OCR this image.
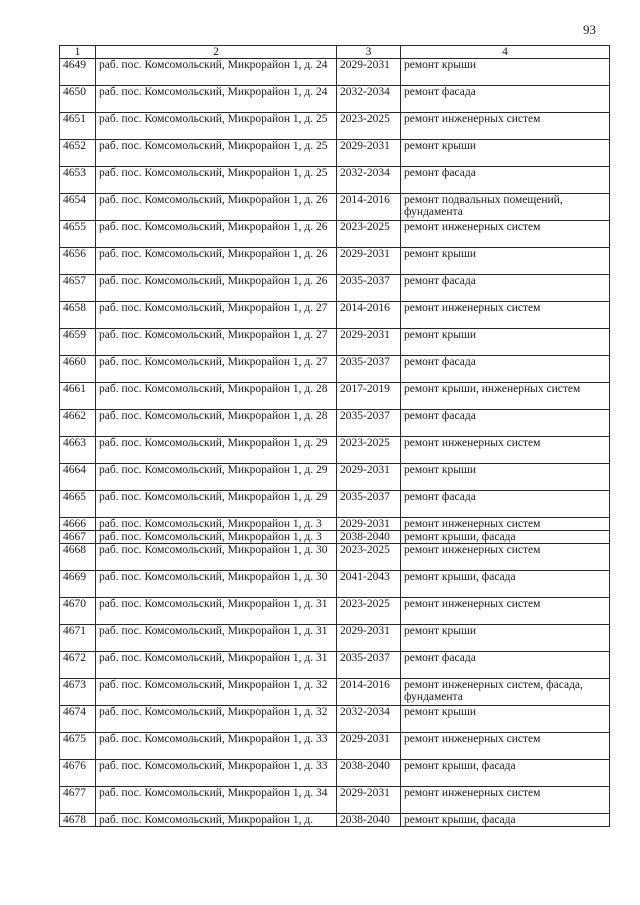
93
1	2	3	4
4649	раб. пос. Комсомольский, Микрорайон 1, д. 24	2029-2031	ремонт крыши
4650	раб. пос. Комсомольский, Микрорайон 1, д. 24	2032-2034	ремонт фасада
4651	раб. пос. Комсомольский, Микрорайон 1, д. 25	2023-2025	ремонт инженерных систем
4652	раб. пос. Комсомольский, Микрорайон 1, д. 25	2029-2031	ремонт крыши
4653	раб. пос. Комсомольский, Микрорайон 1, д. 25	2032-2034	ремонт фасада
4654	раб. пос. Комсомольский, Микрорайон 1, д. 26	2014-2016	ремонт подвальных помещений, фундамента
4655	раб. пос. Комсомольский, Микрорайон 1, д. 26	2023-2025	ремонт инженерных систем
4656	раб. пос. Комсомольский, Микрорайон 1, д. 26	2029-2031	ремонт крыши
4657	раб. пос. Комсомольский, Микрорайон 1, д. 26	2035-2037	ремонт фасада
4658	раб. пос. Комсомольский, Микрорайон 1, д. 27	2014-2016	ремонт инженерных систем
4659	раб. пос. Комсомольский, Микрорайон 1, д. 27	2029-2031	ремонт крыши
4660	раб. пос. Комсомольский, Микрорайон 1, д. 27	2035-2037	ремонт фасада
4661	раб. пос. Комсомольский, Микрорайон 1, д. 28	2017-2019	ремонт крыши, инженерных систем
4662	раб. пос. Комсомольский, Микрорайон 1, д. 28	2035-2037	ремонт фасада
4663	раб. пос. Комсомольский, Микрорайон 1, д. 29	2023-2025	ремонт инженерных систем
4664	раб. пос. Комсомольский, Микрорайон 1, д. 29	2029-2031	ремонт крыши
4665	раб. пос. Комсомольский, Микрорайон 1, д. 29	2035-2037	ремонт фасада
4666	раб. пос. Комсомольский, Микрорайон 1, д. 3	2029-2031	ремонт инженерных систем
4667	раб. пос. Комсомольский, Микрорайон 1, д. 3	2038-2040	ремонт крыши, фасада
4668	раб. пос. Комсомольский, Микрорайон 1, д. 30	2023-2025	ремонт инженерных систем
4669	раб. пос. Комсомольский, Микрорайон 1, д. 30	2041-2043	ремонт крыши, фасада
4670	раб. пос. Комсомольский, Микрорайон 1, д. 31	2023-2025	ремонт инженерных систем
4671	раб. пос. Комсомольский, Микрорайон 1, д. 31	2029-2031	ремонт крыши
4672	раб. пос. Комсомольский, Микрорайон 1, д. 31	2035-2037	ремонт фасада
4673	раб. пос. Комсомольский, Микрорайон 1, д. 32	2014-2016	ремонт инженерных систем, фасада, фундамента
4674	раб. пос. Комсомольский, Микрорайон 1, д. 32	2032-2034	ремонт крыши
4675	раб. пос. Комсомольский, Микрорайон 1, д. 33	2029-2031	ремонт инженерных систем
4676	раб. пос. Комсомольский, Микрорайон 1, д. 33	2038-2040	ремонт крыши, фасада
4677	раб. пос. Комсомольский, Микрорайон 1, д. 34	2029-2031	ремонт инженерных систем
4678	раб. пос. Комсомольский, Микрорайон 1, д.	2038-2040	ремонт крыши, фасада
